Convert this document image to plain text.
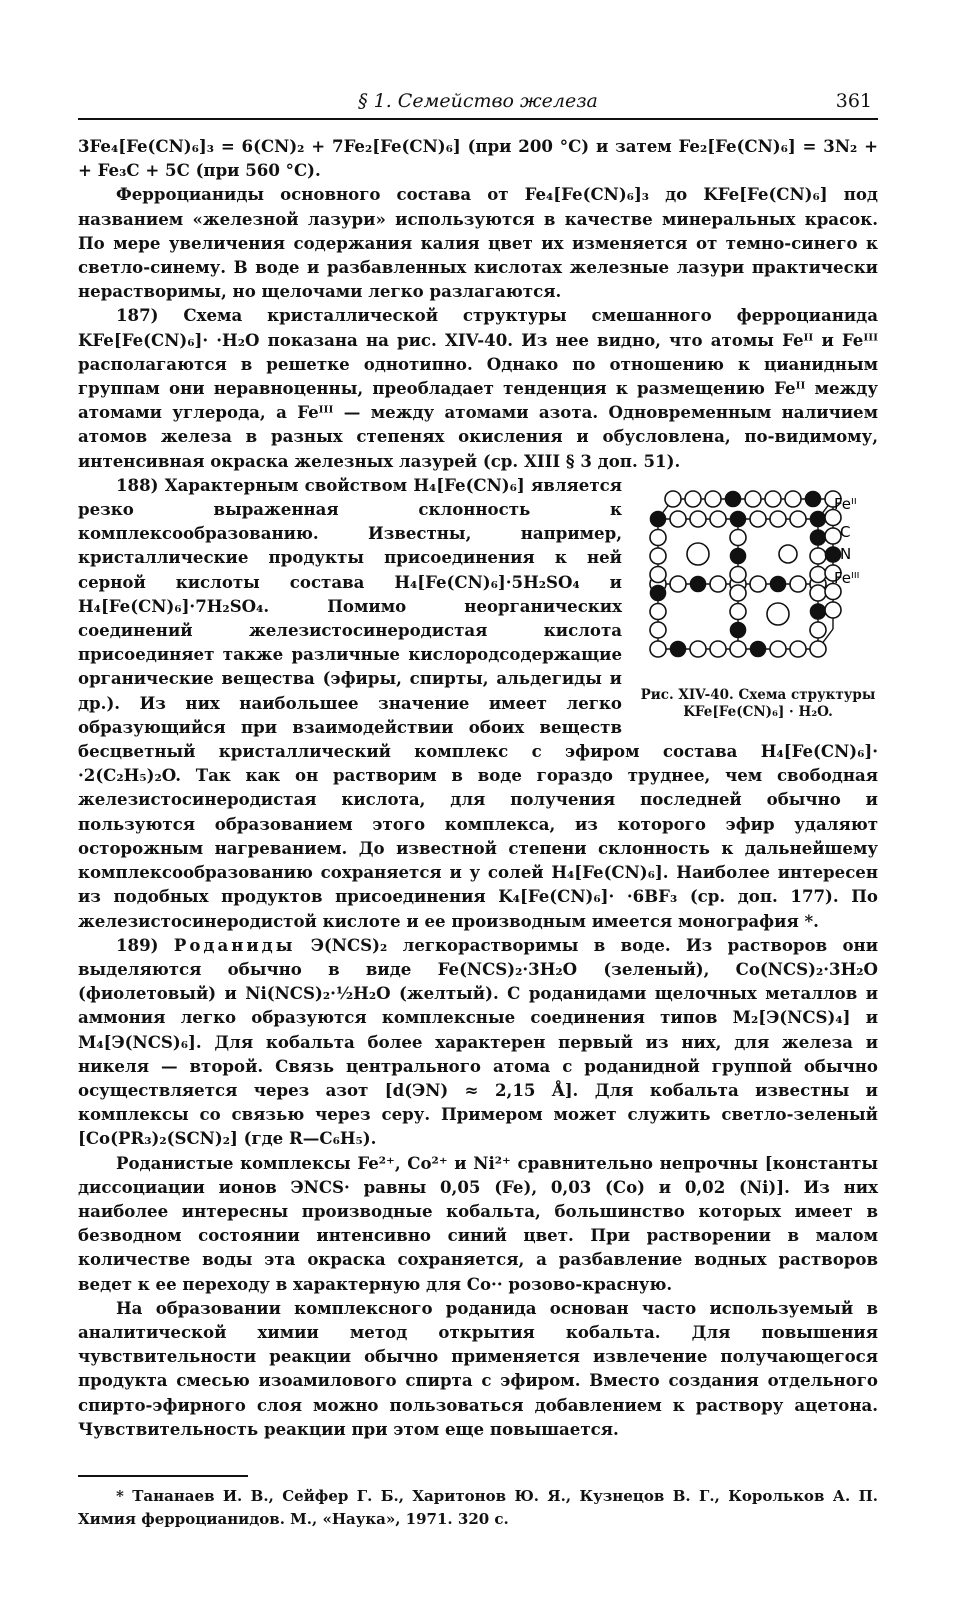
§ 1. Семейство железа	361

3Fe₄[Fe(CN)₆]₃ = 6(CN)₂ + 7Fe₂[Fe(CN)₆] (при 200 °C) и затем Fe₂[Fe(CN)₆] = 3N₂ + + Fe₃C + 5C (при 560 °C).

Ферроцианиды основного состава от Fe₄[Fe(CN)₆]₃ до KFe[Fe(CN)₆] под названием «железной лазури» используются в качестве минеральных красок. По мере увеличения содержания калия цвет их изменяется от темно-синего к светло-синему. В воде и разбавленных кислотах железные лазури практически нерастворимы, но щелочами легко разлагаются.

187) Схема кристаллической структуры смешанного ферроцианида KFe[Fe(CN)₆]· ·H₂O показана на рис. XIV-40. Из нее видно, что атомы Feᴵᴵ и Feᴵᴵᴵ располагаются в решетке однотипно. Однако по отношению к цианидным группам они неравноценны, преобладает тенденция к размещению Feᴵᴵ между атомами углерода, а Feᴵᴵᴵ — между атомами азота. Одновременным наличием атомов железа в разных степенях окисления и обусловлена, по-видимому, интенсивная окраска железных лазурей (ср. XIII § 3 доп. 51).

Feᴵᴵ
C
N
Feᴵᴵᴵ
Рис. XIV-40. Схема структуры KFe[Fe(CN)₆] · H₂O.

188) Характерным свойством H₄[Fe(CN)₆] является резко выраженная склонность к комплексообразованию. Известны, например, кристаллические продукты присоединения к ней серной кислоты состава H₄[Fe(CN)₆]·5H₂SO₄ и H₄[Fe(CN)₆]·7H₂SO₄. Помимо неорганических соединений железистосинеродистая кислота присоединяет также различные кислородсодержащие органические вещества (эфиры, спирты, альдегиды и др.). Из них наибольшее значение имеет легко образующийся при взаимодействии обоих веществ бесцветный кристаллический комплекс с эфиром состава H₄[Fe(CN)₆]· ·2(C₂H₅)₂O. Так как он растворим в воде гораздо труднее, чем свободная железистосинеродистая кислота, для получения последней обычно и пользуются образованием этого комплекса, из которого эфир удаляют осторожным нагреванием. До известной степени склонность к дальнейшему комплексообразованию сохраняется и у солей H₄[Fe(CN)₆]. Наиболее интересен из подобных продуктов присоединения K₄[Fe(CN)₆]· ·6BF₃ (ср. доп. 177). По железистосинеродистой кислоте и ее производным имеется монография *.

189) Роданиды Э(NCS)₂ легкорастворимы в воде. Из растворов они выделяются обычно в виде Fe(NCS)₂·3H₂O (зеленый), Co(NCS)₂·3H₂O (фиолетовый) и Ni(NCS)₂·½H₂O (желтый). С роданидами щелочных металлов и аммония легко образуются комплексные соединения типов M₂[Э(NCS)₄] и M₄[Э(NCS)₆]. Для кобальта более характерен первый из них, для железа и никеля — второй. Связь центрального атома с роданидной группой обычно осуществляется через азот [d(ЭN) ≈ 2,15 Å]. Для кобальта известны и комплексы со связью через серу. Примером может служить светло-зеленый [Co(PR₃)₂(SCN)₂] (где R—C₆H₅).

Роданистые комплексы Fe²⁺, Co²⁺ и Ni²⁺ сравнительно непрочны [константы диссоциации ионов ЭNCS· равны 0,05 (Fe), 0,03 (Co) и 0,02 (Ni)]. Из них наиболее интересны производные кобальта, большинство которых имеет в безводном состоянии интенсивно синий цвет. При растворении в малом количестве воды эта окраска сохраняется, а разбавление водных растворов ведет к ее переходу в характерную для Co·· розово-красную.

На образовании комплексного роданида основан часто используемый в аналитической химии метод открытия кобальта. Для повышения чувствительности реакции обычно применяется извлечение получающегося продукта смесью изоамилового спирта с эфиром. Вместо создания отдельного спирто-эфирного слоя можно пользоваться добавлением к раствору ацетона. Чувствительность реакции при этом еще повышается.

* Тананаев И. В., Сейфер Г. Б., Харитонов Ю. Я., Кузнецов В. Г., Корольков А. П. Химия ферроцианидов. М., «Наука», 1971. 320 с.
